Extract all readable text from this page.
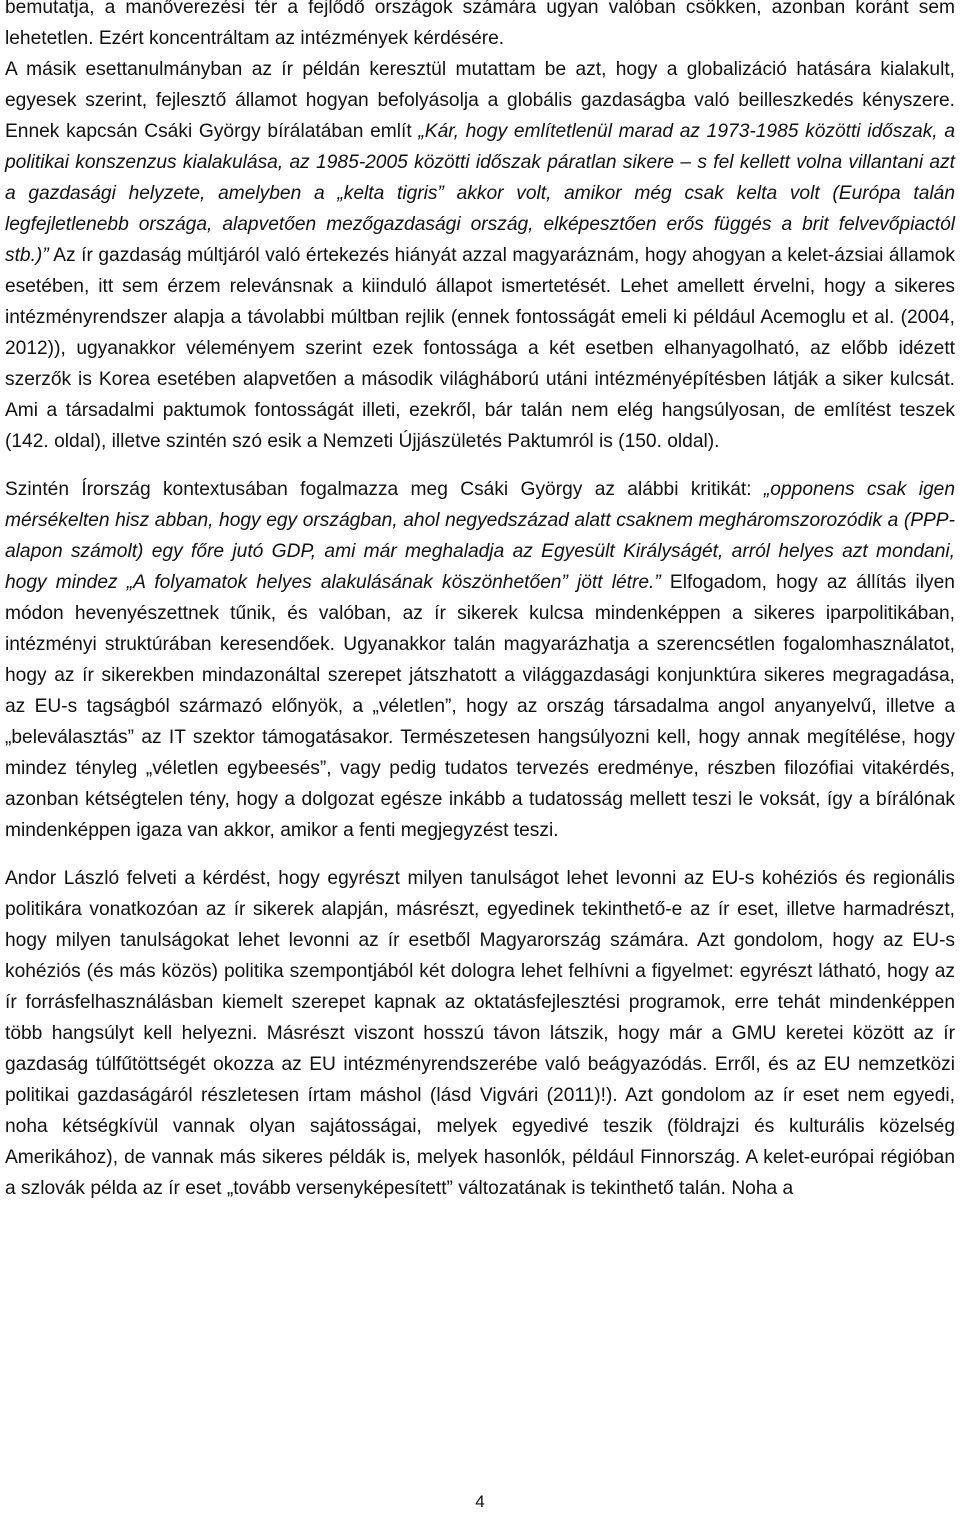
bemutatja, a manőverezési tér a fejlődő országok számára ugyan valóban csökken, azonban koránt sem lehetetlen. Ezért koncentráltam az intézmények kérdésére.

A másik esettanulmányban az ír példán keresztül mutattam be azt, hogy a globalizáció hatására kialakult, egyesek szerint, fejlesztő államot hogyan befolyásolja a globális gazdaságba való beilleszkedés kényszere. Ennek kapcsán Csáki György bírálatában említ „Kár, hogy említetlenül marad az 1973-1985 közötti időszak, a politikai konszenzus kialakulása, az 1985-2005 közötti időszak páratlan sikere – s fel kellett volna villantani azt a gazdasági helyzete, amelyben a „kelta tigris” akkor volt, amikor még csak kelta volt (Európa talán legfejletlenebb országa, alapvetően mezőgazdasági ország, elképesztően erős függés a brit felvevőpiactól stb.)” Az ír gazdaság múltjáról való értekezés hiányát azzal magyaráznám, hogy ahogyan a kelet-ázsiai államok esetében, itt sem érzem relevánsnak a kiinduló állapot ismertetését. Lehet amellett érvelni, hogy a sikeres intézményrendszer alapja a távolabbi múltban rejlik (ennek fontosságát emeli ki például Acemoglu et al. (2004, 2012)), ugyanakkor véleményem szerint ezek fontossága a két esetben elhanyagolható, az előbb idézett szerzők is Korea esetében alapvetően a második világháború utáni intézményépítésben látják a siker kulcsát. Ami a társadalmi paktumok fontosságát illeti, ezekről, bár talán nem elég hangsúlyosan, de említést teszek (142. oldal), illetve szintén szó esik a Nemzeti Újjászületés Paktumról is (150. oldal).

Szintén Írország kontextusában fogalmazza meg Csáki György az alábbi kritikát: „opponens csak igen mérsékelten hisz abban, hogy egy országban, ahol negyedszázad alatt csaknem megháromszorozódik a (PPP-alapon számolt) egy főre jutó GDP, ami már meghaladja az Egyesült Királyságét, arról helyes azt mondani, hogy mindez „A folyamatok helyes alakulásának köszönhetően” jött létre.” Elfogadom, hogy az állítás ilyen módon hevenyészettnek tűnik, és valóban, az ír sikerek kulcsa mindenképpen a sikeres iparpolitikában, intézményi struktúrában keresendőek. Ugyanakkor talán magyarázhatja a szerencsétlen fogalomhasználatot, hogy az ír sikerekben mindazonáltal szerepet játszhatott a világgazdasági konjunktúra sikeres megragadása, az EU-s tagságból származó előnyök, a „véletlen”, hogy az ország társadalma angol anyanyelvű, illetve a „beleválasztás” az IT szektor támogatásakor. Természetesen hangsúlyozni kell, hogy annak megítélése, hogy mindez tényleg „véletlen egybeesés”, vagy pedig tudatos tervezés eredménye, részben filozófiai vitakérdés, azonban kétségtelen tény, hogy a dolgozat egésze inkább a tudatosság mellett teszi le voksát, így a bírálónak mindenképpen igaza van akkor, amikor a fenti megjegyzést teszi.

Andor László felveti a kérdést, hogy egyrészt milyen tanulságot lehet levonni az EU-s kohéziós és regionális politikára vonatkozóan az ír sikerek alapján, másrészt, egyedinek tekinthető-e az ír eset, illetve harmadrészt, hogy milyen tanulságokat lehet levonni az ír esetből Magyarország számára. Azt gondolom, hogy az EU-s kohéziós (és más közös) politika szempontjából két dologra lehet felhívni a figyelmet: egyrészt látható, hogy az ír forrásfelhasználásban kiemelt szerepet kapnak az oktatásfejlesztési programok, erre tehát mindenképpen több hangsúlyt kell helyezni. Másrészt viszont hosszú távon látszik, hogy már a GMU keretei között az ír gazdaság túlfűtöttségét okozza az EU intézményrendszerébe való beágyazódás. Erről, és az EU nemzetközi politikai gazdaságáról részletesen írtam máshol (lásd Vigvári (2011)!). Azt gondolom az ír eset nem egyedi, noha kétségkívül vannak olyan sajátosságai, melyek egyedivé teszik (földrajzi és kulturális közelség Amerikához), de vannak más sikeres példák is, melyek hasonlók, például Finnország. A kelet-európai régióban a szlovák példa az ír eset „tovább versenyképesített” változatának is tekinthető talán. Noha a

4
